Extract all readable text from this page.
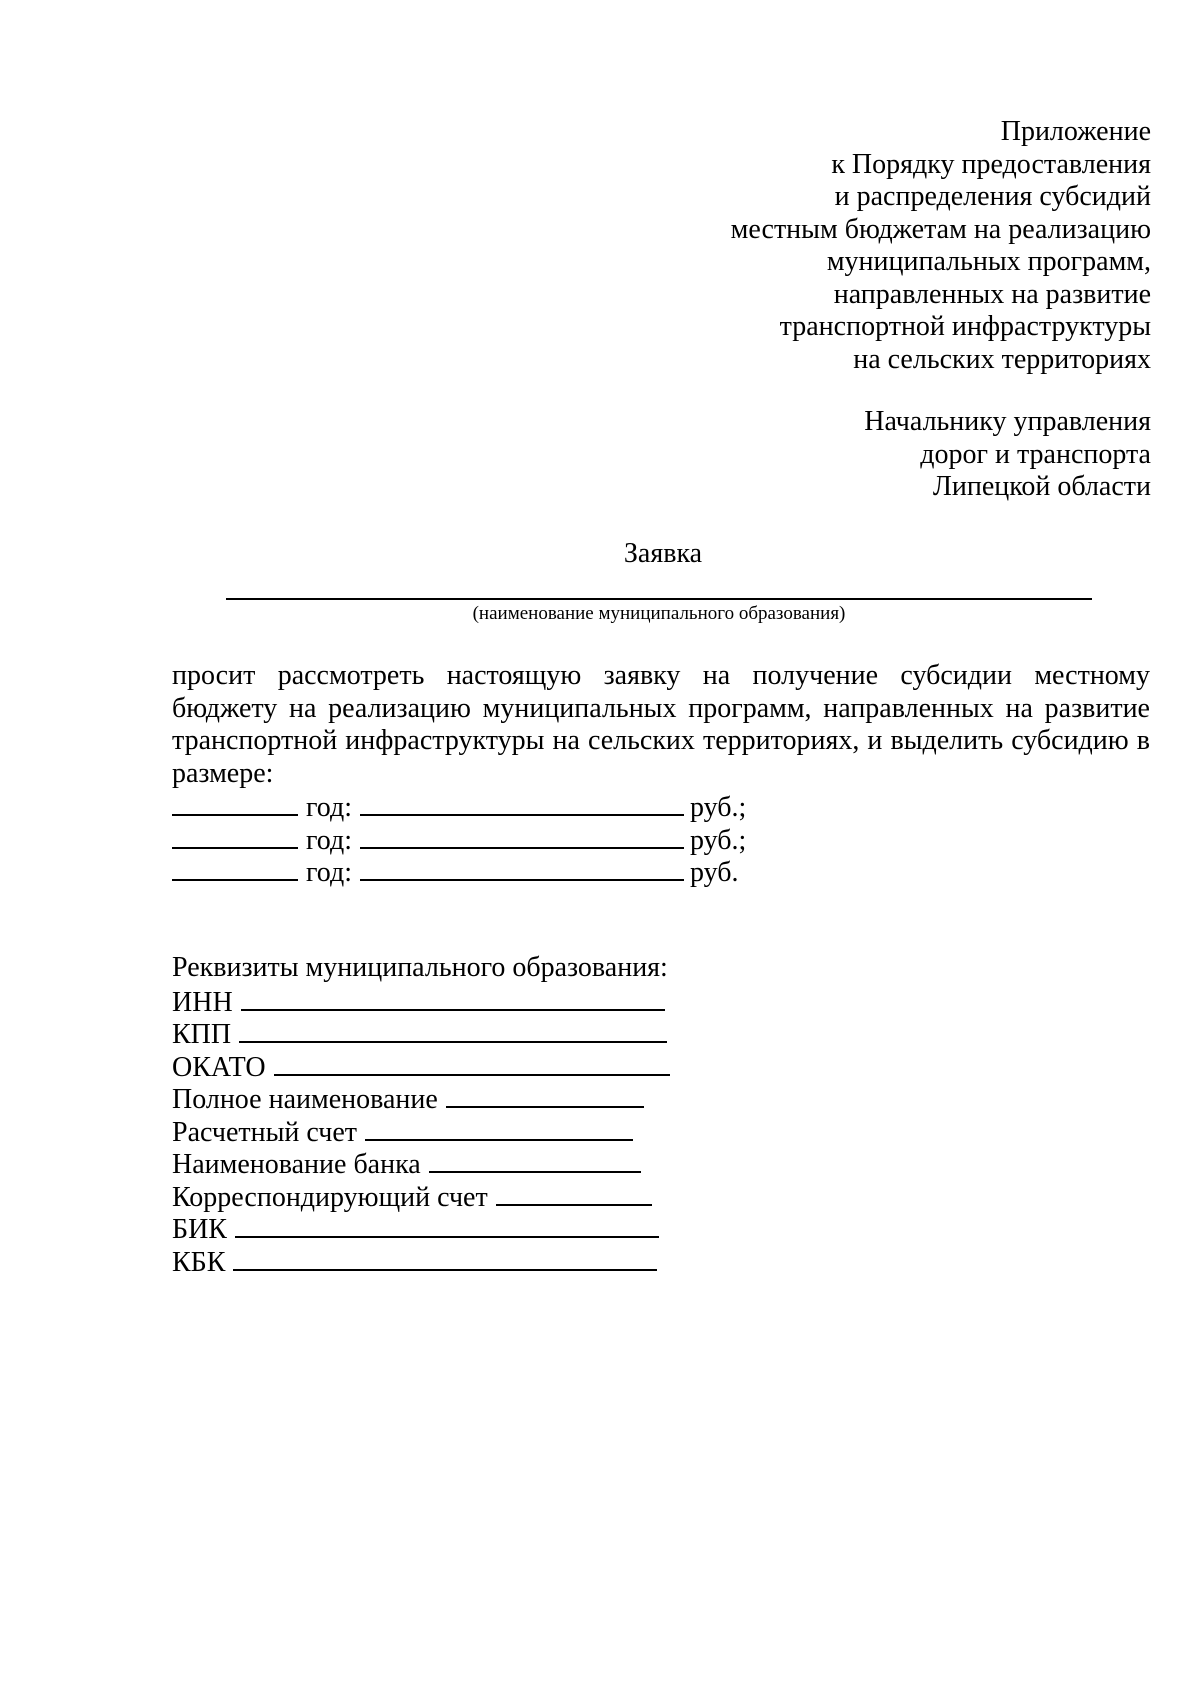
Приложение
к Порядку предоставления
и распределения субсидий
местным бюджетам на реализацию
муниципальных программ,
направленных на развитие
транспортной инфраструктуры
на сельских территориях
Начальнику управления
дорог и транспорта
Липецкой области
Заявка
(наименование муниципального образования)
просит рассмотреть настоящую заявку на получение субсидии местному бюджету на реализацию муниципальных программ, направленных на развитие транспортной инфраструктуры на сельских территориях, и выделить субсидию в размере:
год:	руб.;
год:	руб.;
год:	руб.
Реквизиты муниципального образования:
ИНН
КПП
ОКАТО
Полное наименование
Расчетный счет
Наименование банка
Корреспондирующий счет
БИК
КБК
